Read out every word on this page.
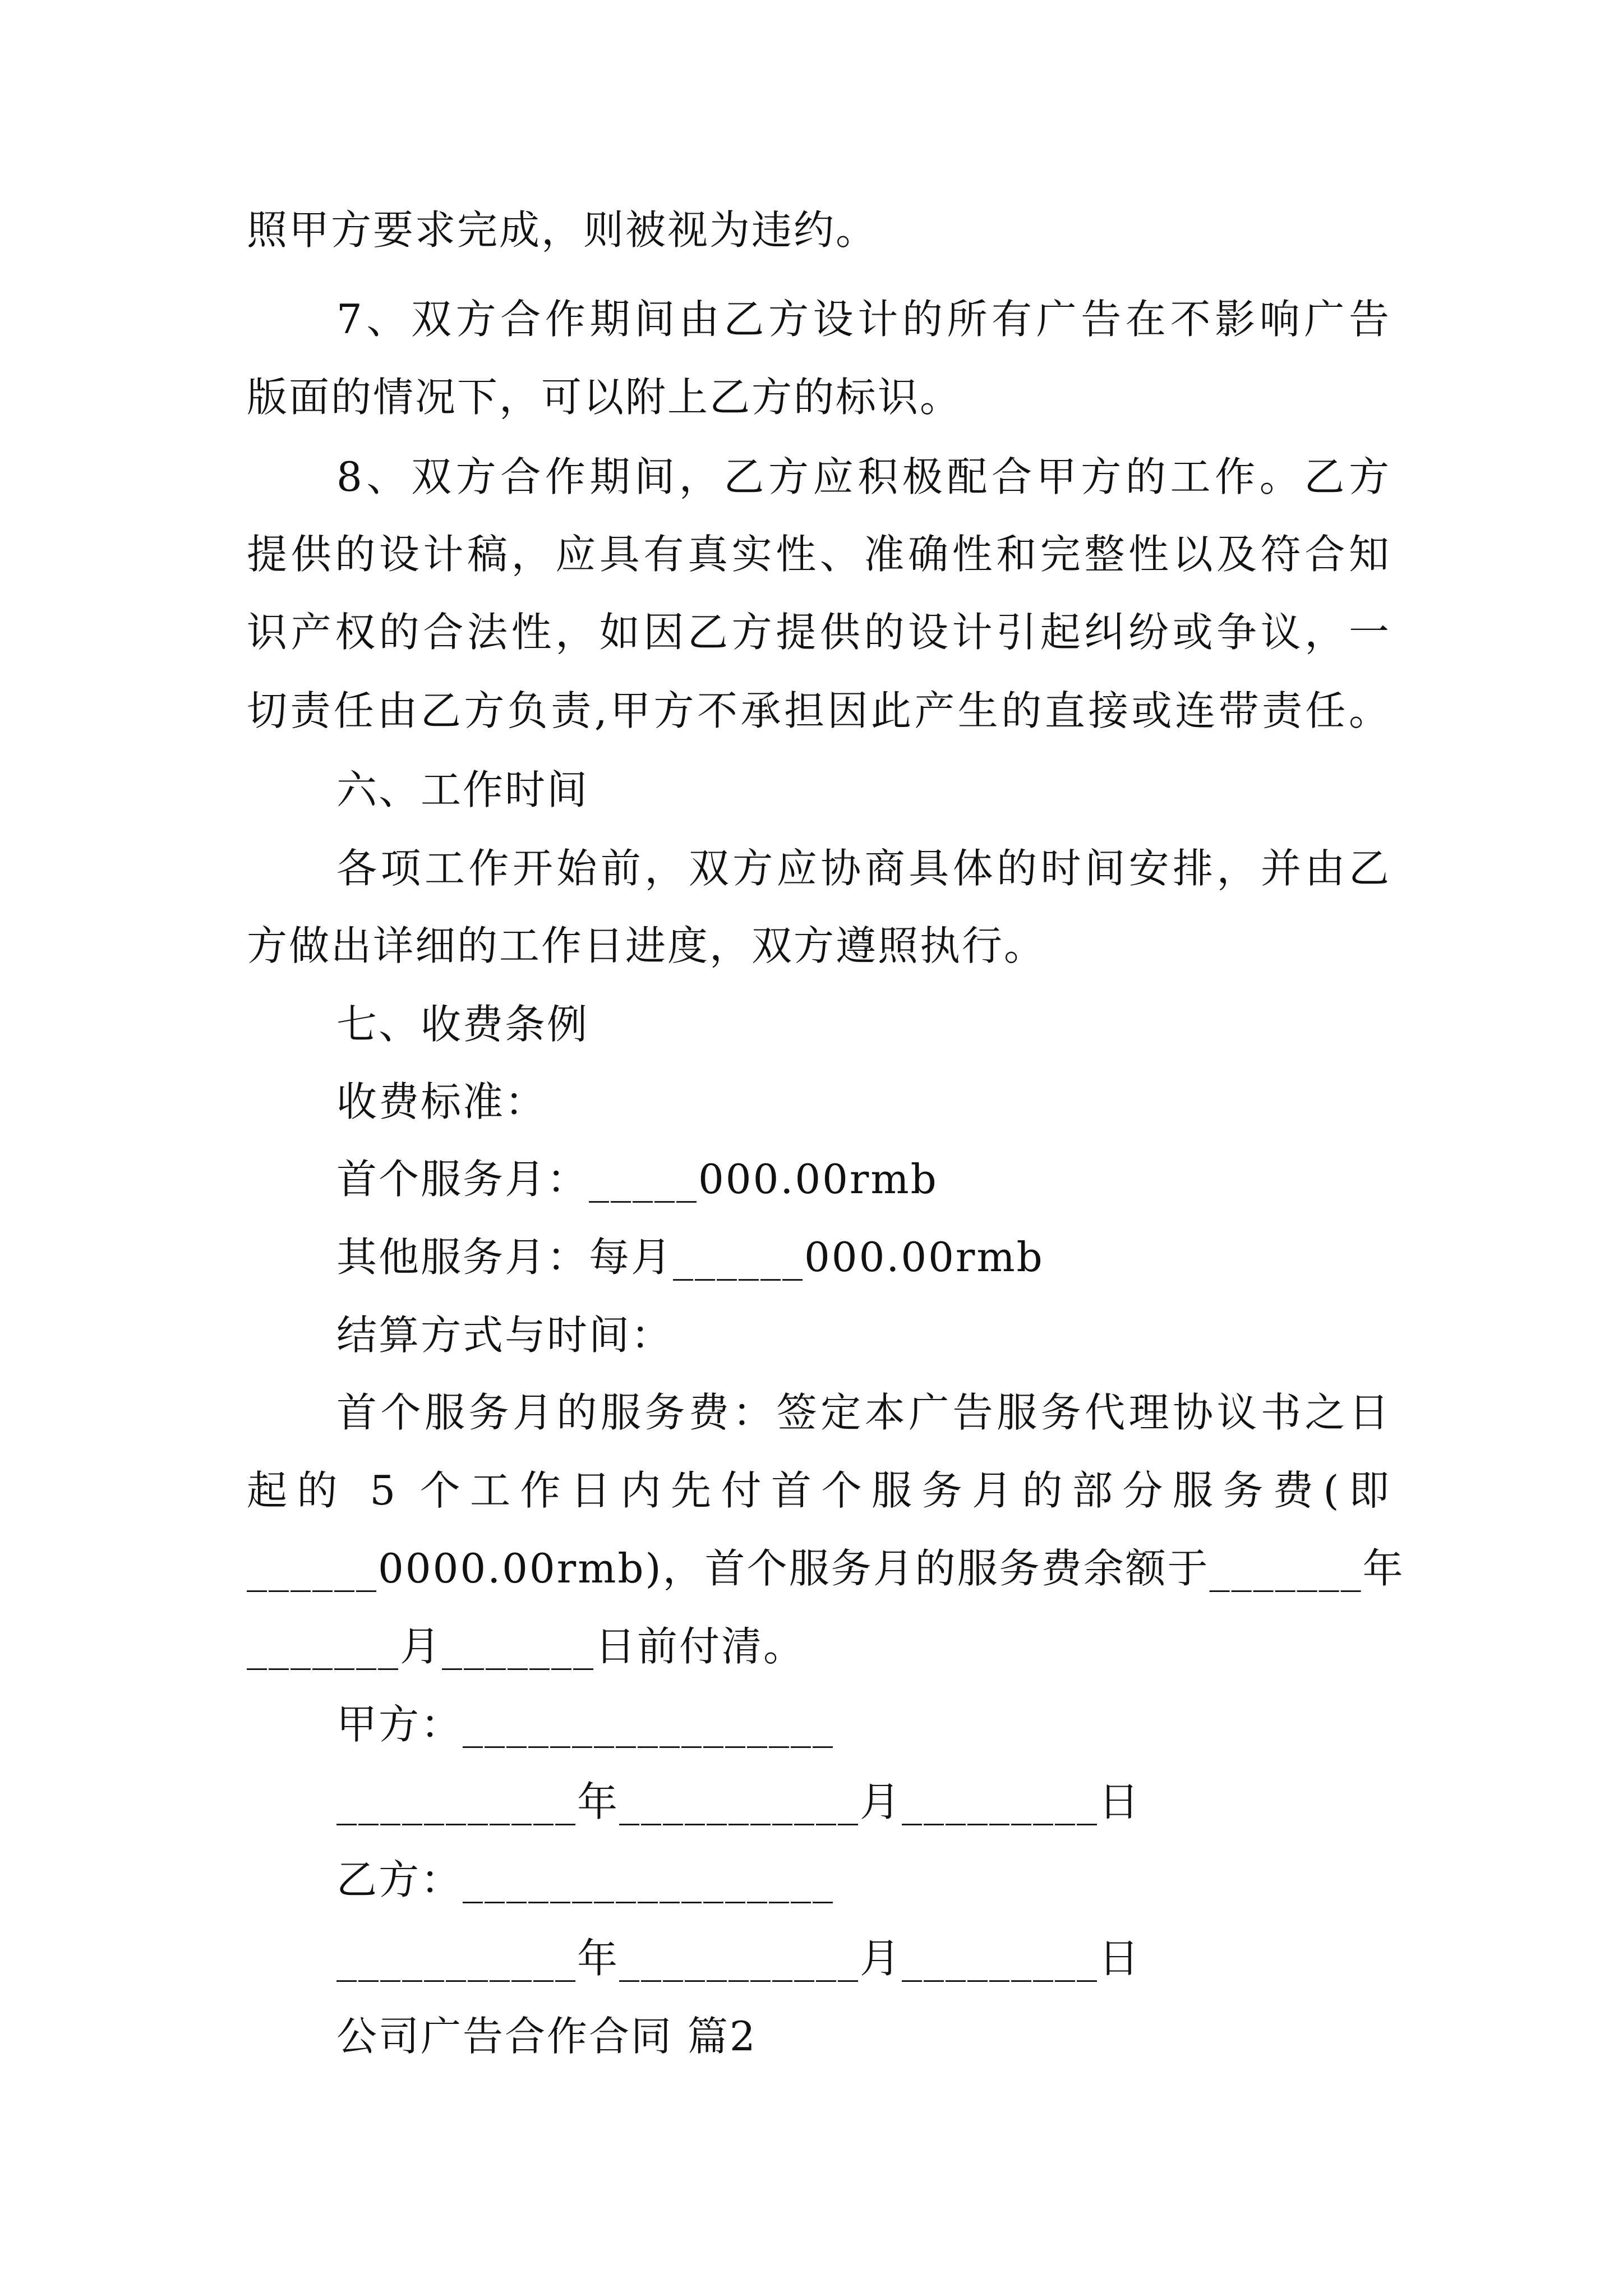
照甲方要求完成，则被视为违约。
7、双方合作期间由乙方设计的所有广告在不影响广告
版面的情况下，可以附上乙方的标识。
8、双方合作期间，乙方应积极配合甲方的工作。乙方
提供的设计稿，应具有真实性、准确性和完整性以及符合知
识产权的合法性，如因乙方提供的设计引起纠纷或争议，一
切责任由乙方负责,甲方不承担因此产生的直接或连带责任。
六、工作时间
各项工作开始前，双方应协商具体的时间安排，并由乙
方做出详细的工作日进度，双方遵照执行。
七、收费条例
收费标准：
首个服务月：_____000.00rmb
其他服务月：每月______000.00rmb
结算方式与时间：
首个服务月的服务费：签定本广告服务代理协议书之日
起的 5 个工作日内先付首个服务月的部分服务费(即
______0000.00rmb)，首个服务月的服务费余额于_______年
_______月_______日前付清。
甲方：_________________
___________年___________月_________日
乙方：_________________
___________年___________月_________日
公司广告合作合同 篇2
